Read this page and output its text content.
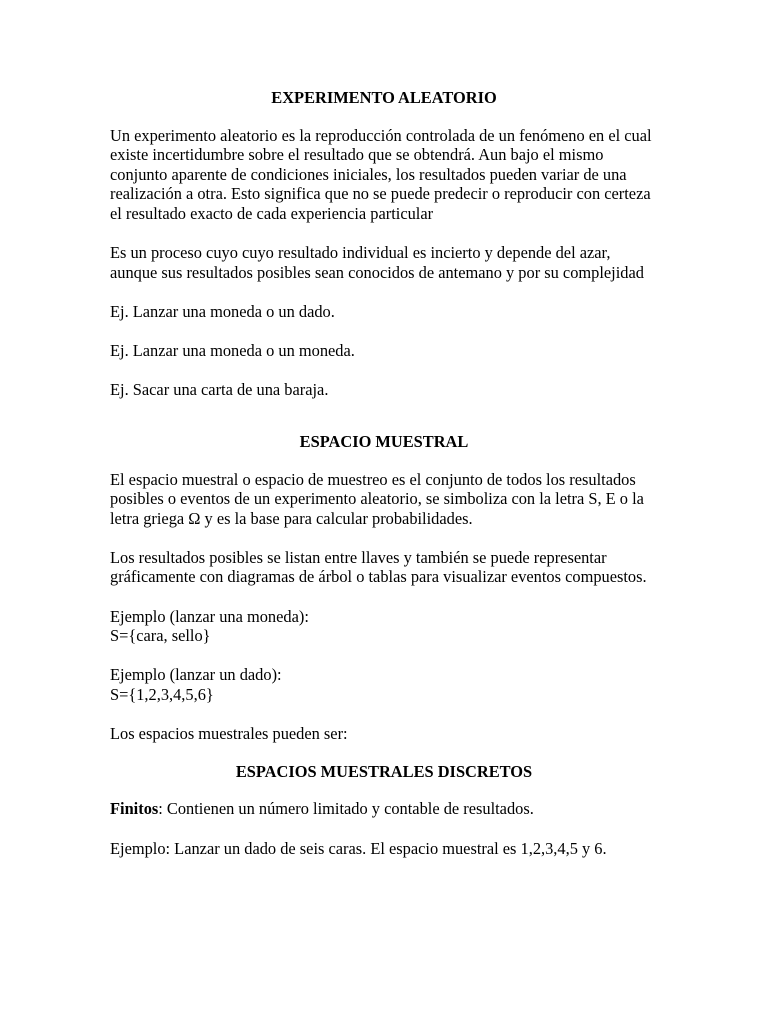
EXPERIMENTO ALEATORIO

Un experimento aleatorio es la reproducción controlada de un fenómeno en el cual existe incertidumbre sobre el resultado que se obtendrá. Aun bajo el mismo conjunto aparente de condiciones iniciales, los resultados pueden variar de una realización a otra. Esto significa que no se puede predecir o reproducir con certeza el resultado exacto de cada experiencia particular

Es un proceso cuyo cuyo resultado individual es incierto y depende del azar, aunque sus resultados posibles sean conocidos de antemano y por su complejidad

Ej. Lanzar una moneda o un dado.

Ej. Lanzar una moneda o un moneda.

Ej. Sacar una carta de una baraja.

ESPACIO MUESTRAL

El espacio muestral o espacio de muestreo es el conjunto de todos los resultados posibles o eventos de un experimento aleatorio, se simboliza con la letra S, E o la letra griega Ω y es la base para calcular probabilidades.

Los resultados posibles se listan entre llaves y también se puede representar gráficamente con diagramas de árbol o tablas para visualizar eventos compuestos.

Ejemplo (lanzar una moneda):

S={cara, sello}

Ejemplo (lanzar un dado):

S={1,2,3,4,5,6}

Los espacios muestrales pueden ser:

ESPACIOS MUESTRALES DISCRETOS

Finitos: Contienen un número limitado y contable de resultados.

Ejemplo: Lanzar un dado de seis caras. El espacio muestral es 1,2,3,4,5 y 6.
